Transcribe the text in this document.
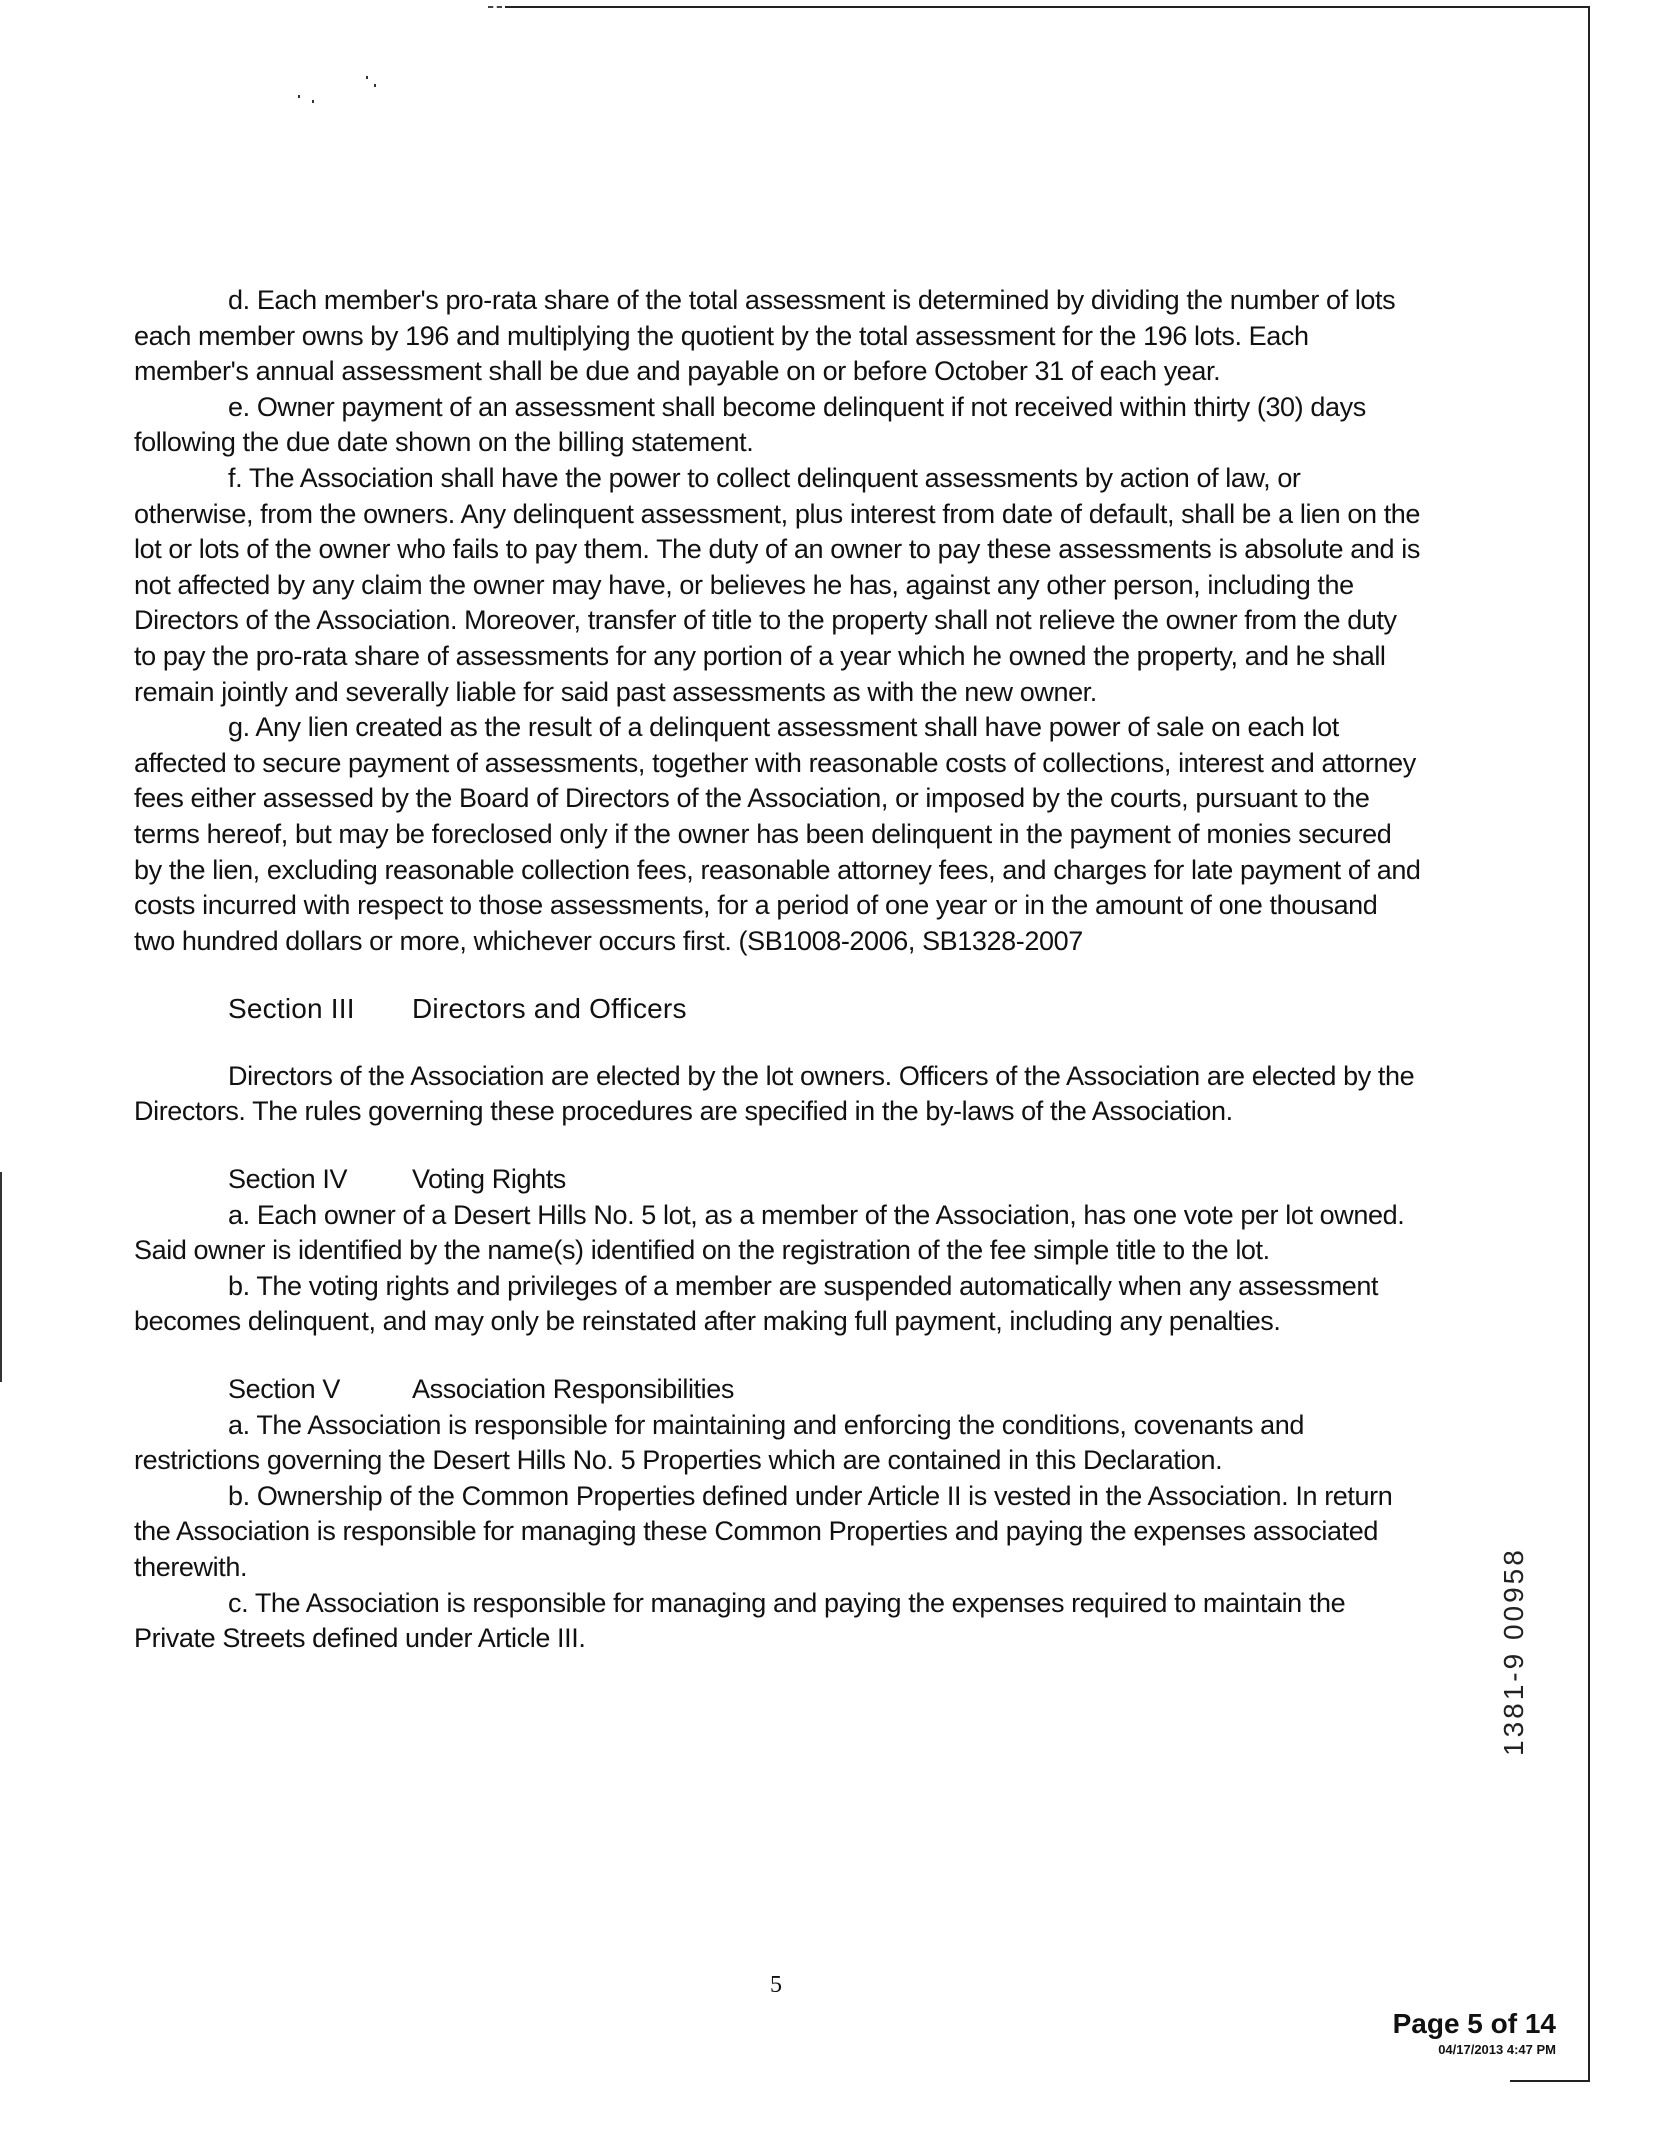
d. Each member's pro-rata share of the total assessment is determined by dividing the number of lots each member owns by 196 and multiplying the quotient by the total assessment for the 196 lots. Each member's annual assessment shall be due and payable on or before October 31 of each year.

e. Owner payment of an assessment shall become delinquent if not received within thirty (30) days following the due date shown on the billing statement.

f. The Association shall have the power to collect delinquent assessments by action of law, or otherwise, from the owners. Any delinquent assessment, plus interest from date of default, shall be a lien on the lot or lots of the owner who fails to pay them. The duty of an owner to pay these assessments is absolute and is not affected by any claim the owner may have, or believes he has, against any other person, including the Directors of the Association. Moreover, transfer of title to the property shall not relieve the owner from the duty to pay the pro-rata share of assessments for any portion of a year which he owned the property, and he shall remain jointly and severally liable for said past assessments as with the new owner.

g. Any lien created as the result of a delinquent assessment shall have power of sale on each lot affected to secure payment of assessments, together with reasonable costs of collections, interest and attorney fees either assessed by the Board of Directors of the Association, or imposed by the courts, pursuant to the terms hereof, but may be foreclosed only if the owner has been delinquent in the payment of monies secured by the lien, excluding reasonable collection fees, reasonable attorney fees, and charges for late payment of and costs incurred with respect to those assessments, for a period of one year or in the amount of one thousand two hundred dollars or more, whichever occurs first. (SB1008-2006, SB1328-2007

Section III Directors and Officers

Directors of the Association are elected by the lot owners. Officers of the Association are elected by the Directors. The rules governing these procedures are specified in the by-laws of the Association.

Section IV Voting Rights

a. Each owner of a Desert Hills No. 5 lot, as a member of the Association, has one vote per lot owned. Said owner is identified by the name(s) identified on the registration of the fee simple title to the lot.

b. The voting rights and privileges of a member are suspended automatically when any assessment becomes delinquent, and may only be reinstated after making full payment, including any penalties.

Section V	Association Responsibilities

a. The Association is responsible for maintaining and enforcing the conditions, covenants and restrictions governing the Desert Hills No. 5 Properties which are contained in this Declaration.

b. Ownership of the Common Properties defined under Article II is vested in the Association. In return the Association is responsible for managing these Common Properties and paying the expenses associated therewith.

c. The Association is responsible for managing and paying the expenses required to maintain the Private Streets defined under Article III.	1381-9 00958
5
Page 5 of 14
04/17/2013 4:47 PM
